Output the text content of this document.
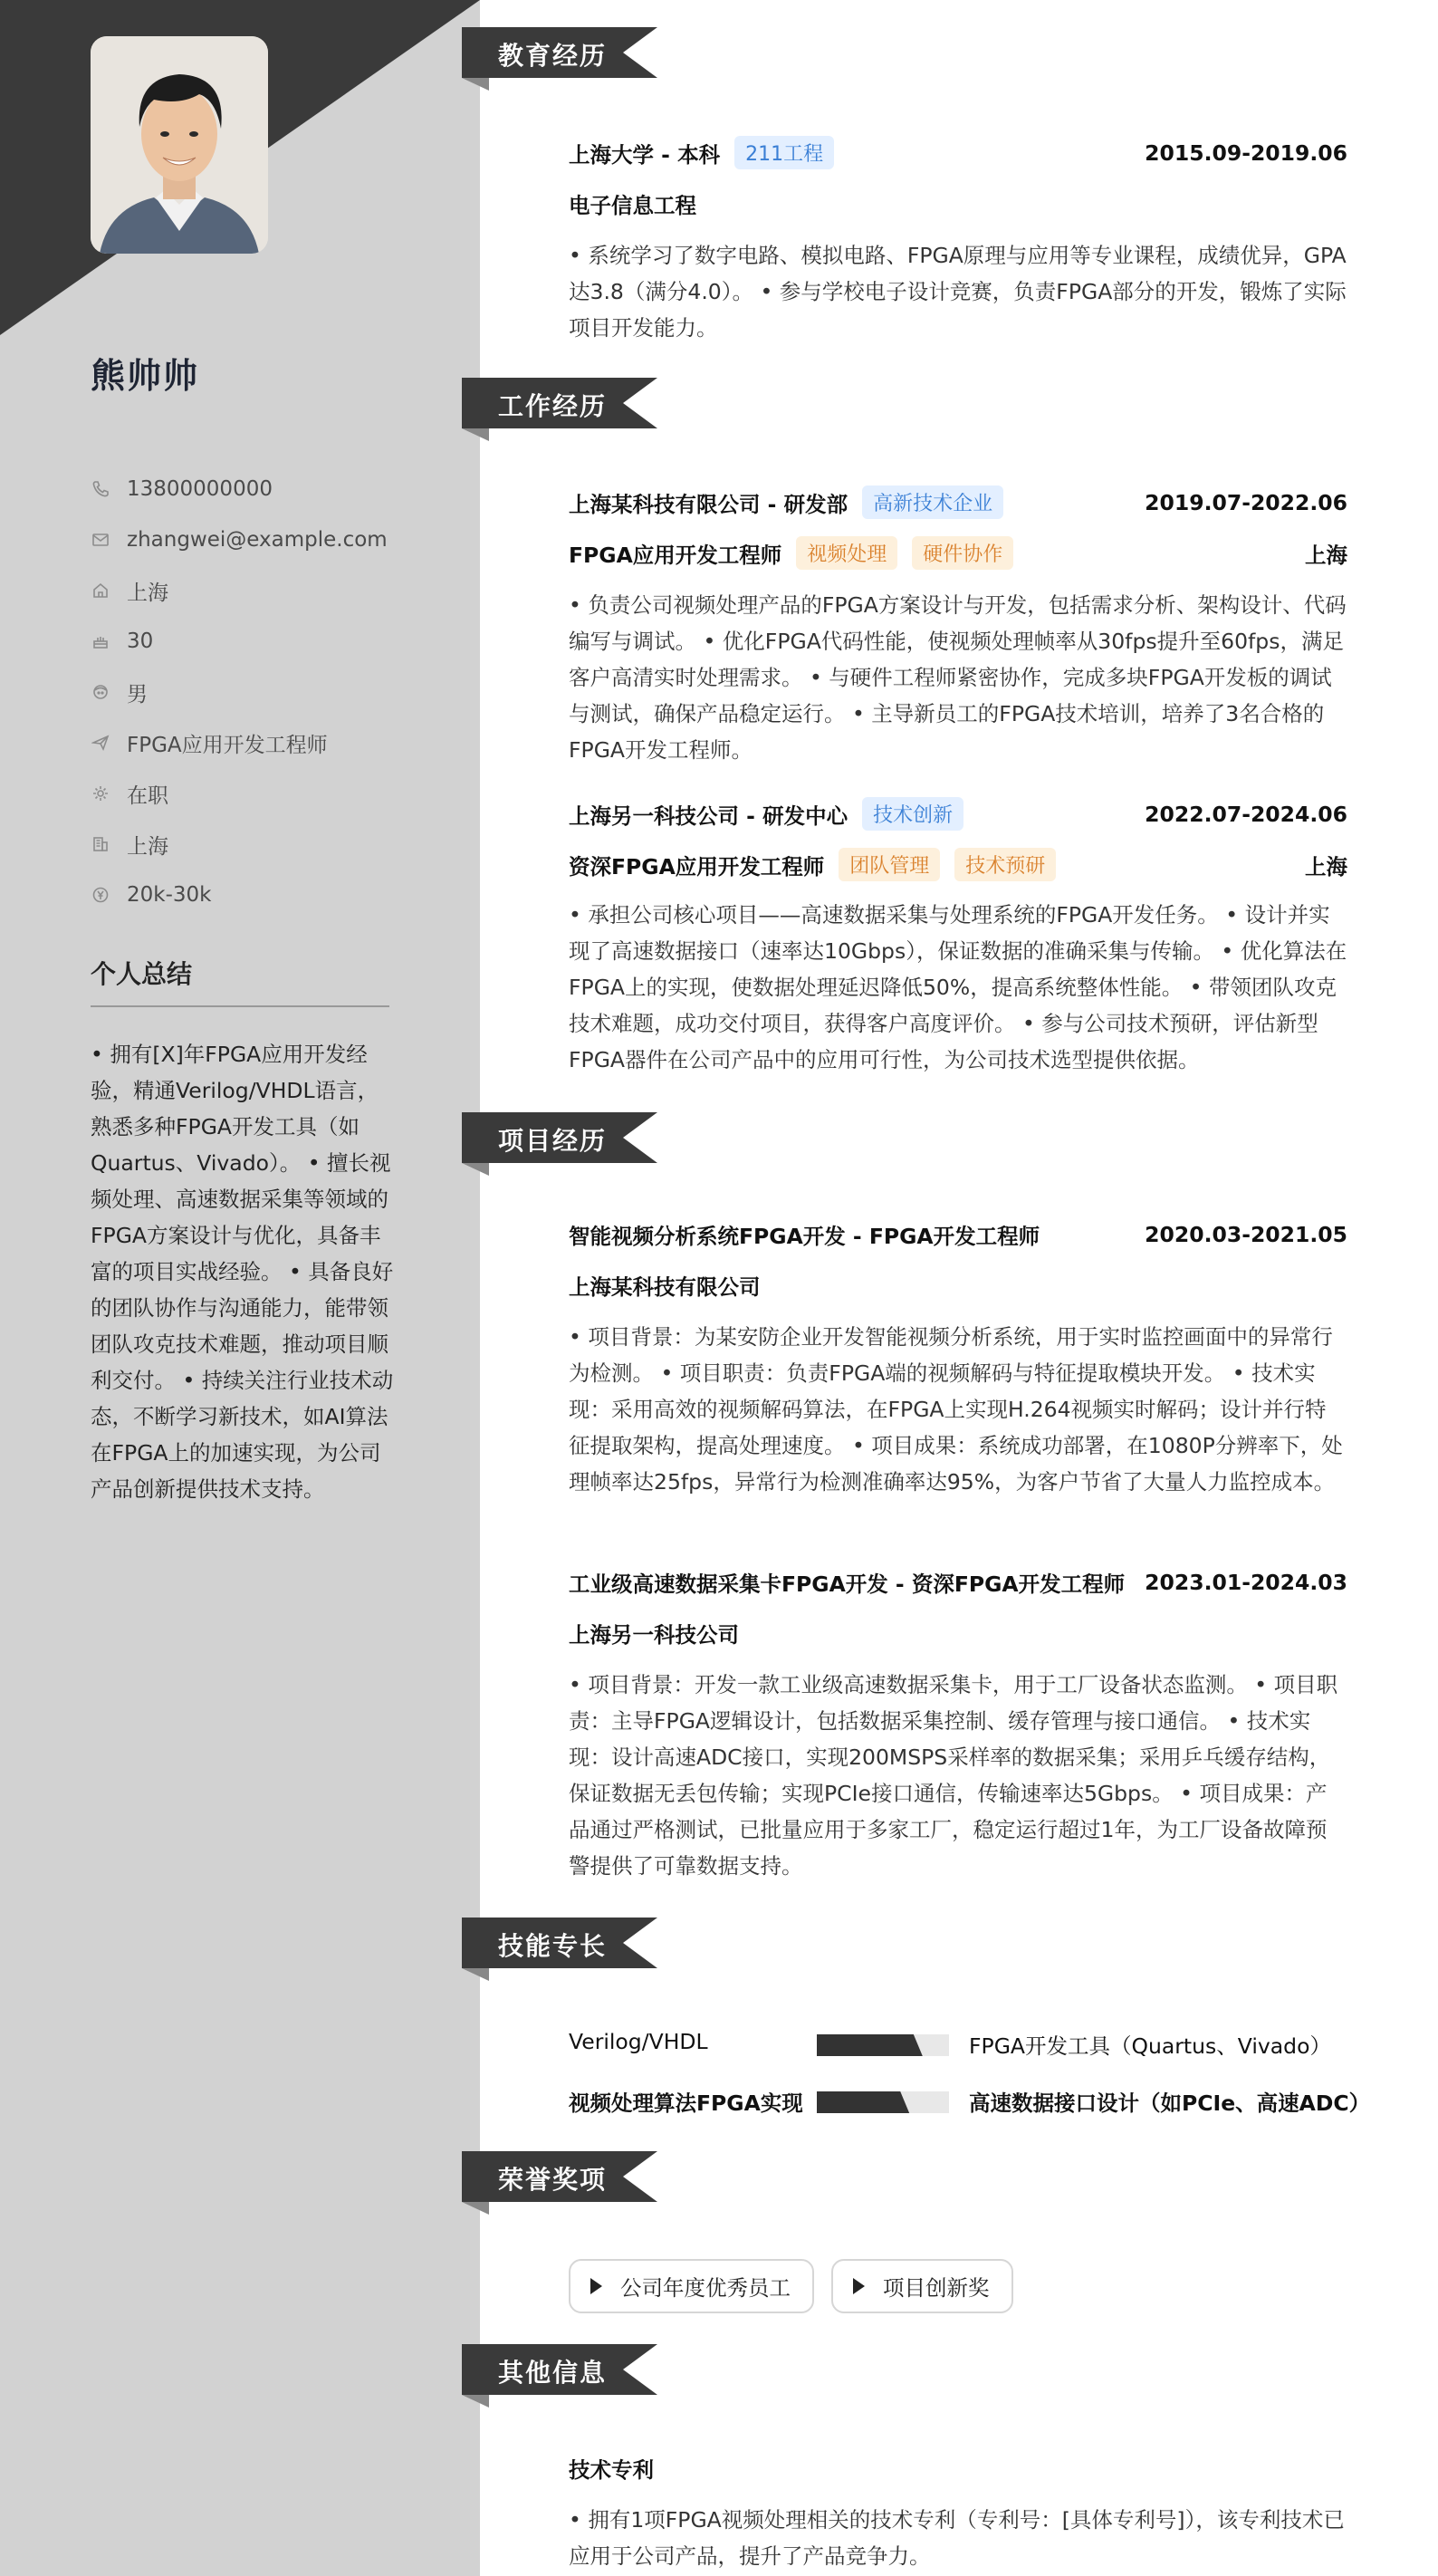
熊帅帅
13800000000
zhangwei@example.com
上海
30
男
FPGA应用开发工程师
在职
上海
20k-30k
个人总结
• 拥有[X]年FPGA应用开发经验，精通Verilog/VHDL语言，熟悉多种FPGA开发工具（如Quartus、Vivado）。 • 擅长视频处理、高速数据采集等领域的FPGA方案设计与优化，具备丰富的项目实战经验。 • 具备良好的团队协作与沟通能力，能带领团队攻克技术难题，推动项目顺利交付。 • 持续关注行业技术动态，不断学习新技术，如AI算法在FPGA上的加速实现，为公司产品创新提供技术支持。
教育经历
上海大学 - 本科	211工程	2015.09-2019.06
电子信息工程
• 系统学习了数字电路、模拟电路、FPGA原理与应用等专业课程，成绩优异，GPA达3.8（满分4.0）。 • 参与学校电子设计竞赛，负责FPGA部分的开发，锻炼了实际项目开发能力。
工作经历
上海某科技有限公司 - 研发部	高新技术企业	2019.07-2022.06
FPGA应用开发工程师	视频处理	硬件协作	上海
• 负责公司视频处理产品的FPGA方案设计与开发，包括需求分析、架构设计、代码编写与调试。 • 优化FPGA代码性能，使视频处理帧率从30fps提升至60fps，满足客户高清实时处理需求。 • 与硬件工程师紧密协作，完成多块FPGA开发板的调试与测试，确保产品稳定运行。 • 主导新员工的FPGA技术培训，培养了3名合格的FPGA开发工程师。
上海另一科技公司 - 研发中心	技术创新	2022.07-2024.06
资深FPGA应用开发工程师	团队管理	技术预研	上海
• 承担公司核心项目——高速数据采集与处理系统的FPGA开发任务。 • 设计并实现了高速数据接口（速率达10Gbps），保证数据的准确采集与传输。 • 优化算法在FPGA上的实现，使数据处理延迟降低50%，提高系统整体性能。 • 带领团队攻克技术难题，成功交付项目，获得客户高度评价。 • 参与公司技术预研，评估新型FPGA器件在公司产品中的应用可行性，为公司技术选型提供依据。
项目经历
智能视频分析系统FPGA开发 - FPGA开发工程师	2020.03-2021.05
上海某科技有限公司
• 项目背景：为某安防企业开发智能视频分析系统，用于实时监控画面中的异常行为检测。 • 项目职责：负责FPGA端的视频解码与特征提取模块开发。 • 技术实现：采用高效的视频解码算法，在FPGA上实现H.264视频实时解码；设计并行特征提取架构，提高处理速度。 • 项目成果：系统成功部署，在1080P分辨率下，处理帧率达25fps，异常行为检测准确率达95%，为客户节省了大量人力监控成本。
工业级高速数据采集卡FPGA开发 - 资深FPGA开发工程师 2023.01-2024.03
上海另一科技公司
• 项目背景：开发一款工业级高速数据采集卡，用于工厂设备状态监测。 • 项目职责：主导FPGA逻辑设计，包括数据采集控制、缓存管理与接口通信。 • 技术实现：设计高速ADC接口，实现200MSPS采样率的数据采集；采用乒乓缓存结构，保证数据无丢包传输；实现PCIe接口通信，传输速率达5Gbps。 • 项目成果：产品通过严格测试，已批量应用于多家工厂，稳定运行超过1年，为工厂设备故障预警提供了可靠数据支持。
技能专长
Verilog/VHDL	FPGA开发工具（Quartus、Vivado）
视频处理算法FPGA实现	高速数据接口设计（如PCIe、高速ADC）
荣誉奖项
公司年度优秀员工	项目创新奖
其他信息
技术专利
• 拥有1项FPGA视频处理相关的技术专利（专利号：[具体专利号]），该专利技术已应用于公司产品，提升了产品竞争力。
